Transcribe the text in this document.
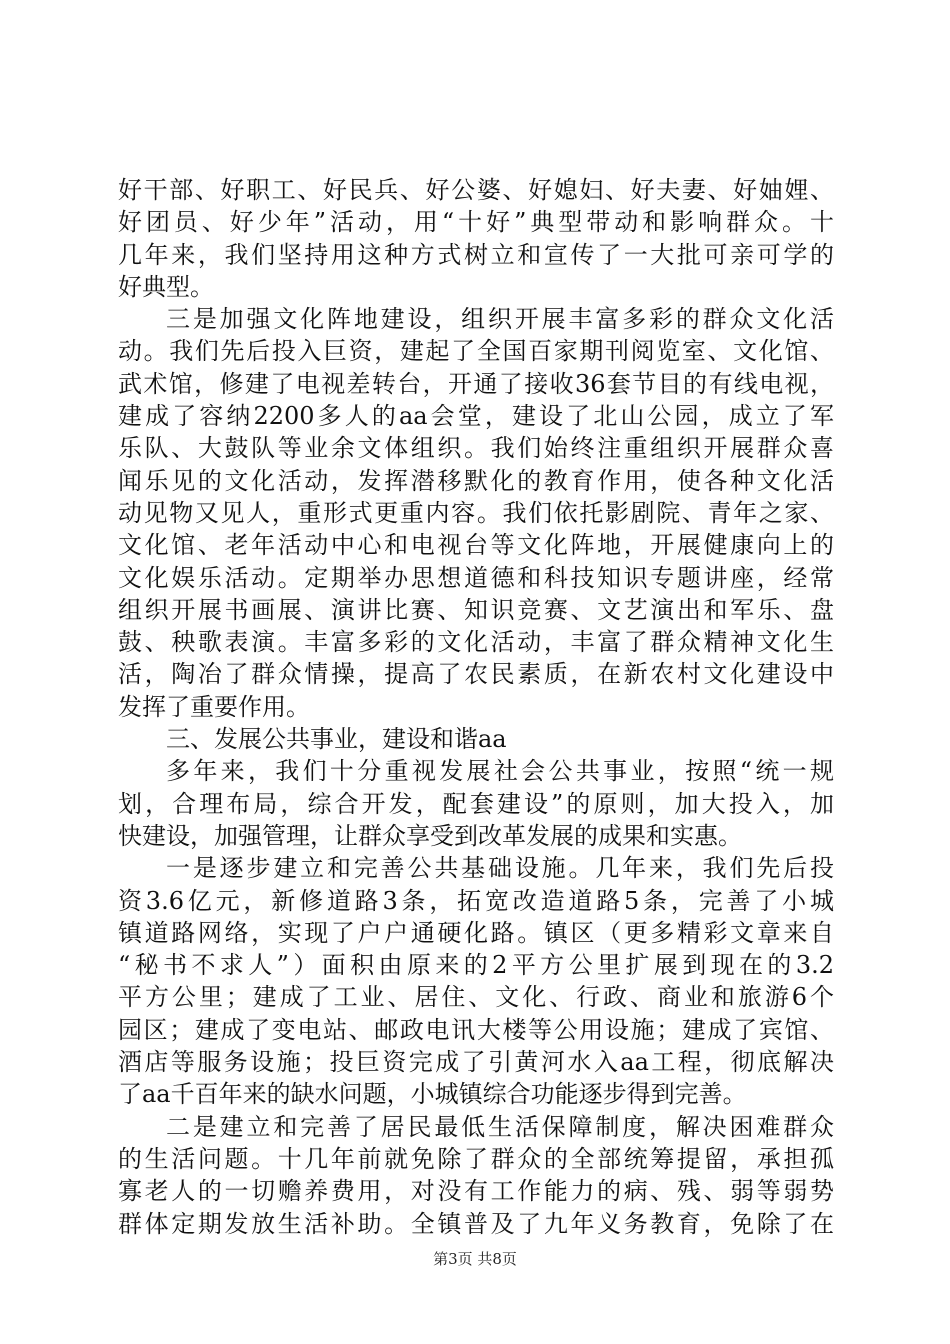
好干部、好职工、好民兵、好公婆、好媳妇、好夫妻、好妯娌、
好团员、好少年”活动，用“十好”典型带动和影响群众。十
几年来，我们坚持用这种方式树立和宣传了一大批可亲可学的
好典型。
三是加强文化阵地建设，组织开展丰富多彩的群众文化活
动。我们先后投入巨资，建起了全国百家期刊阅览室、文化馆、
武术馆，修建了电视差转台，开通了接收36套节目的有线电视，
建成了容纳2200多人的aa会堂，建设了北山公园，成立了军
乐队、大鼓队等业余文体组织。我们始终注重组织开展群众喜
闻乐见的文化活动，发挥潜移默化的教育作用，使各种文化活
动见物又见人，重形式更重内容。我们依托影剧院、青年之家、
文化馆、老年活动中心和电视台等文化阵地，开展健康向上的
文化娱乐活动。定期举办思想道德和科技知识专题讲座，经常
组织开展书画展、演讲比赛、知识竞赛、文艺演出和军乐、盘
鼓、秧歌表演。丰富多彩的文化活动，丰富了群众精神文化生
活，陶冶了群众情操，提高了农民素质，在新农村文化建设中
发挥了重要作用。
三、发展公共事业，建设和谐aa
多年来，我们十分重视发展社会公共事业，按照“统一规
划，合理布局，综合开发，配套建设”的原则，加大投入，加
快建设，加强管理，让群众享受到改革发展的成果和实惠。
一是逐步建立和完善公共基础设施。几年来，我们先后投
资3.6亿元，新修道路3条，拓宽改造道路5条，完善了小城
镇道路网络，实现了户户通硬化路。镇区（更多精彩文章来自
“秘书不求人”）面积由原来的2平方公里扩展到现在的3.2
平方公里；建成了工业、居住、文化、行政、商业和旅游6个
园区；建成了变电站、邮政电讯大楼等公用设施；建成了宾馆、
酒店等服务设施；投巨资完成了引黄河水入aa工程，彻底解决
了aa千百年来的缺水问题，小城镇综合功能逐步得到完善。
二是建立和完善了居民最低生活保障制度，解决困难群众
的生活问题。十几年前就免除了群众的全部统筹提留，承担孤
寡老人的一切赡养费用，对没有工作能力的病、残、弱等弱势
群体定期发放生活补助。全镇普及了九年义务教育，免除了在
第3页 共8页
